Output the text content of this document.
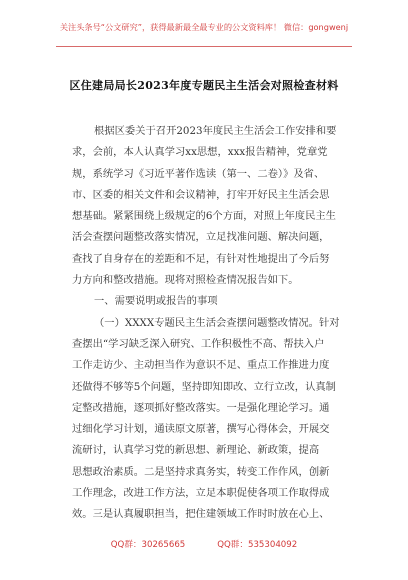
关注头条号“公文研究”，获得最新最全最专业的公文资料库！ 微信：gongwenj
区住建局局长2023年度专题民主生活会对照检查材料
根据区委关于召开2023年度民主生活会工作安排和要
求，会前，本人认真学习xx思想，xxx报告精神，党章党
规，系统学习《习近平著作选读（第一、二卷）》及省、
市、区委的相关文件和会议精神，打牢开好民主生活会思
想基础。紧紧围绕上级规定的6个方面，对照上年度民主生
活会查摆问题整改落实情况，立足找准问题、解决问题，
查找了自身存在的差距和不足，有针对性地提出了今后努
力方向和整改措施。现将对照检查情况报告如下。
一、需要说明或报告的事项
（一）XXXX专题民主生活会查摆问题整改情况。针对
查摆出“学习缺乏深入研究、工作积极性不高、帮扶入户
工作走访少、主动担当作为意识不足、重点工作推进力度
还做得不够等5个问题，坚持即知即改、立行立改，认真制
定整改措施，逐项抓好整改落实。一是强化理论学习。通
过细化学习计划，通读原文原著，撰写心得体会，开展交
流研讨，认真学习党的新思想、新理论、新政策，提高
思想政治素质。二是坚持求真务实，转变工作作风，创新
工作理念，改进工作方法，立足本职促使各项工作取得成
效。三是认真履职担当，把住建领域工作时时放在心上、
QQ群：30265665	QQ群：535304092
